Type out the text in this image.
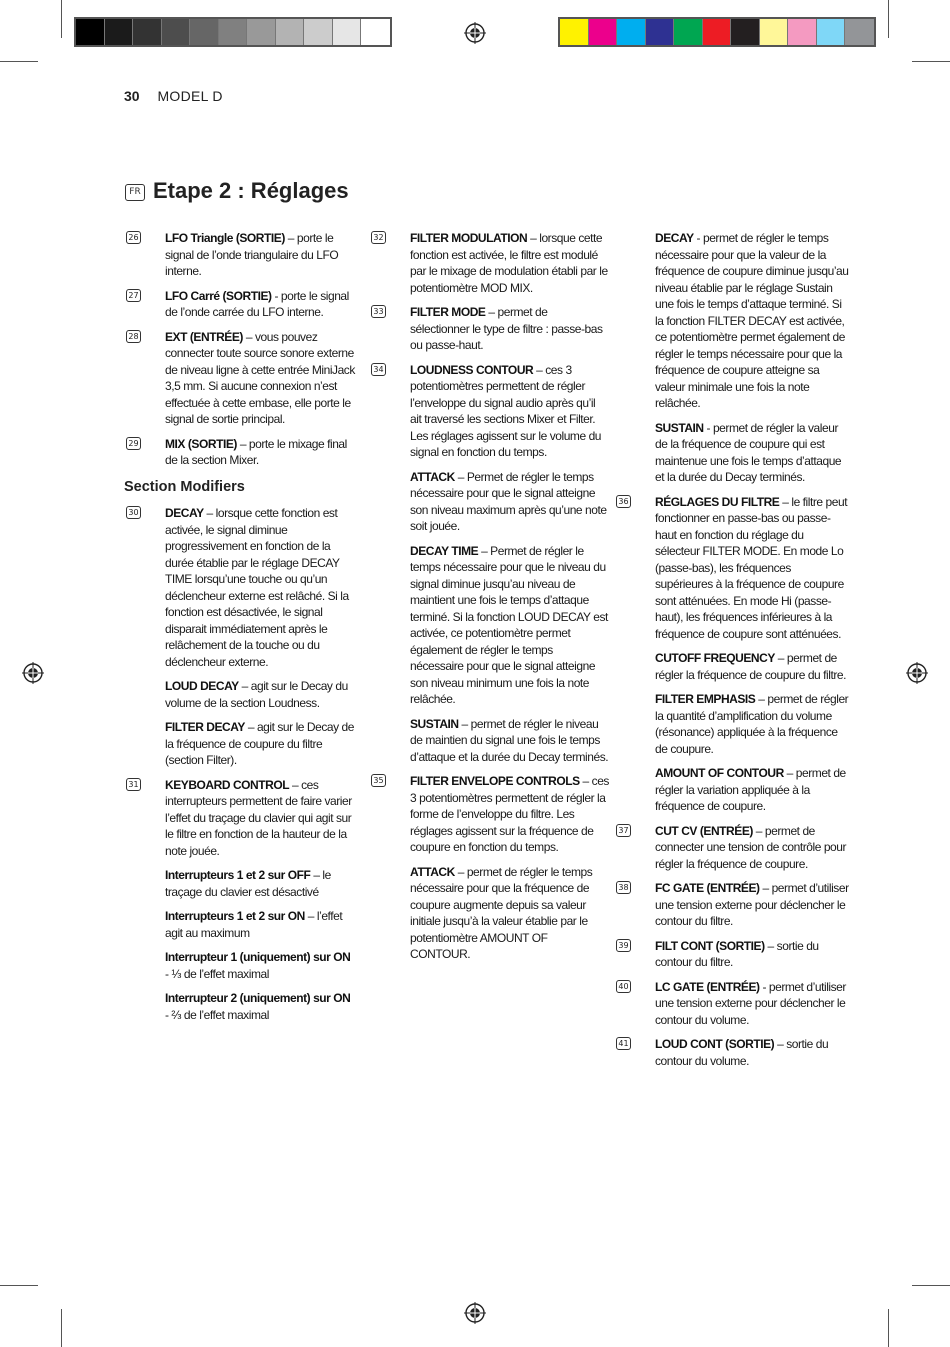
30 MODEL D
FR Etape 2 : Réglages
26 LFO Triangle (SORTIE) – porte le signal de l’onde triangulaire du LFO interne.
27 LFO Carré (SORTIE) - porte le signal de l’onde carrée du LFO interne.
28 EXT (ENTRÉE) – vous pouvez connecter toute source sonore externe de niveau ligne à cette entrée MiniJack 3,5 mm. Si aucune connexion n’est effectuée à cette embase, elle porte le signal de sortie principal.
29 MIX (SORTIE) – porte le mixage final de la section Mixer.
Section Modifiers
30 DECAY – lorsque cette fonction est activée, le signal diminue progressivement en fonction de la durée établie par le réglage DECAY TIME lorsqu’une touche ou qu’un déclencheur externe est relâché. Si la fonction est désactivée, le signal disparait immédiatement après le relâchement de la touche ou du déclencheur externe.
LOUD DECAY – agit sur le Decay du volume de la section Loudness.
FILTER DECAY – agit sur le Decay de la fréquence de coupure du filtre (section Filter).
31 KEYBOARD CONTROL – ces interrupteurs permettent de faire varier l’effet du traçage du clavier qui agit sur le filtre en fonction de la hauteur de la note jouée.
Interrupteurs 1 et 2 sur OFF – le traçage du clavier est désactivé
Interrupteurs 1 et 2 sur ON – l’effet agit au maximum
Interrupteur 1 (uniquement) sur ON - ⅓ de l’effet maximal
Interrupteur 2 (uniquement) sur ON - ⅔ de l’effet maximal
32 FILTER MODULATION – lorsque cette fonction est activée, le filtre est modulé par le mixage de modulation établi par le potentiomètre MOD MIX.
33 FILTER MODE – permet de sélectionner le type de filtre : passe-bas ou passe-haut.
34 LOUDNESS CONTOUR – ces 3 potentiomètres permettent de régler l’enveloppe du signal audio après qu’il ait traversé les sections Mixer et Filter. Les réglages agissent sur le volume du signal en fonction du temps.
ATTACK – Permet de régler le temps nécessaire pour que le signal atteigne son niveau maximum après qu’une note soit jouée.
DECAY TIME – Permet de régler le temps nécessaire pour que le niveau du signal diminue jusqu’au niveau de maintient une fois le temps d’attaque terminé. Si la fonction LOUD DECAY est activée, ce potentiomètre permet également de régler le temps nécessaire pour que le signal atteigne son niveau minimum une fois la note relâchée.
SUSTAIN – permet de régler le niveau de maintien du signal une fois le temps d’attaque et la durée du Decay terminés.
35 FILTER ENVELOPE CONTROLS – ces 3 potentiomètres permettent de régler la forme de l’enveloppe du filtre. Les réglages agissent sur la fréquence de coupure en fonction du temps.
ATTACK – permet de régler le temps nécessaire pour que la fréquence de coupure augmente depuis sa valeur initiale jusqu’à la valeur établie par le potentiomètre AMOUNT OF CONTOUR.
DECAY - permet de régler le temps nécessaire pour que la valeur de la fréquence de coupure diminue jusqu’au niveau établie par le réglage Sustain une fois le temps d’attaque terminé. Si la fonction FILTER DECAY est activée, ce potentiomètre permet également de régler le temps nécessaire pour que la fréquence de coupure atteigne sa valeur minimale une fois la note relâchée.
SUSTAIN - permet de régler la valeur de la fréquence de coupure qui est maintenue une fois le temps d’attaque et la durée du Decay terminés.
36 RÉGLAGES DU FILTRE – le filtre peut fonctionner en passe-bas ou passe-haut en fonction du réglage du sélecteur FILTER MODE. En mode Lo (passe-bas), les fréquences supérieures à la fréquence de coupure sont atténuées. En mode Hi (passe-haut), les fréquences inférieures à la fréquence de coupure sont atténuées.
CUTOFF FREQUENCY – permet de régler la fréquence de coupure du filtre.
FILTER EMPHASIS – permet de régler la quantité d’amplification du volume (résonance) appliquée à la fréquence de coupure.
AMOUNT OF CONTOUR – permet de régler la variation appliquée à la fréquence de coupure.
37 CUT CV (ENTRÉE) – permet de connecter une tension de contrôle pour régler la fréquence de coupure.
38 FC GATE (ENTRÉE) – permet d’utiliser une tension externe pour déclencher le contour du filtre.
39 FILT CONT (SORTIE) – sortie du contour du filtre.
40 LC GATE (ENTRÉE) - permet d’utiliser une tension externe pour déclencher le contour du volume.
41 LOUD CONT (SORTIE) – sortie du contour du volume.
